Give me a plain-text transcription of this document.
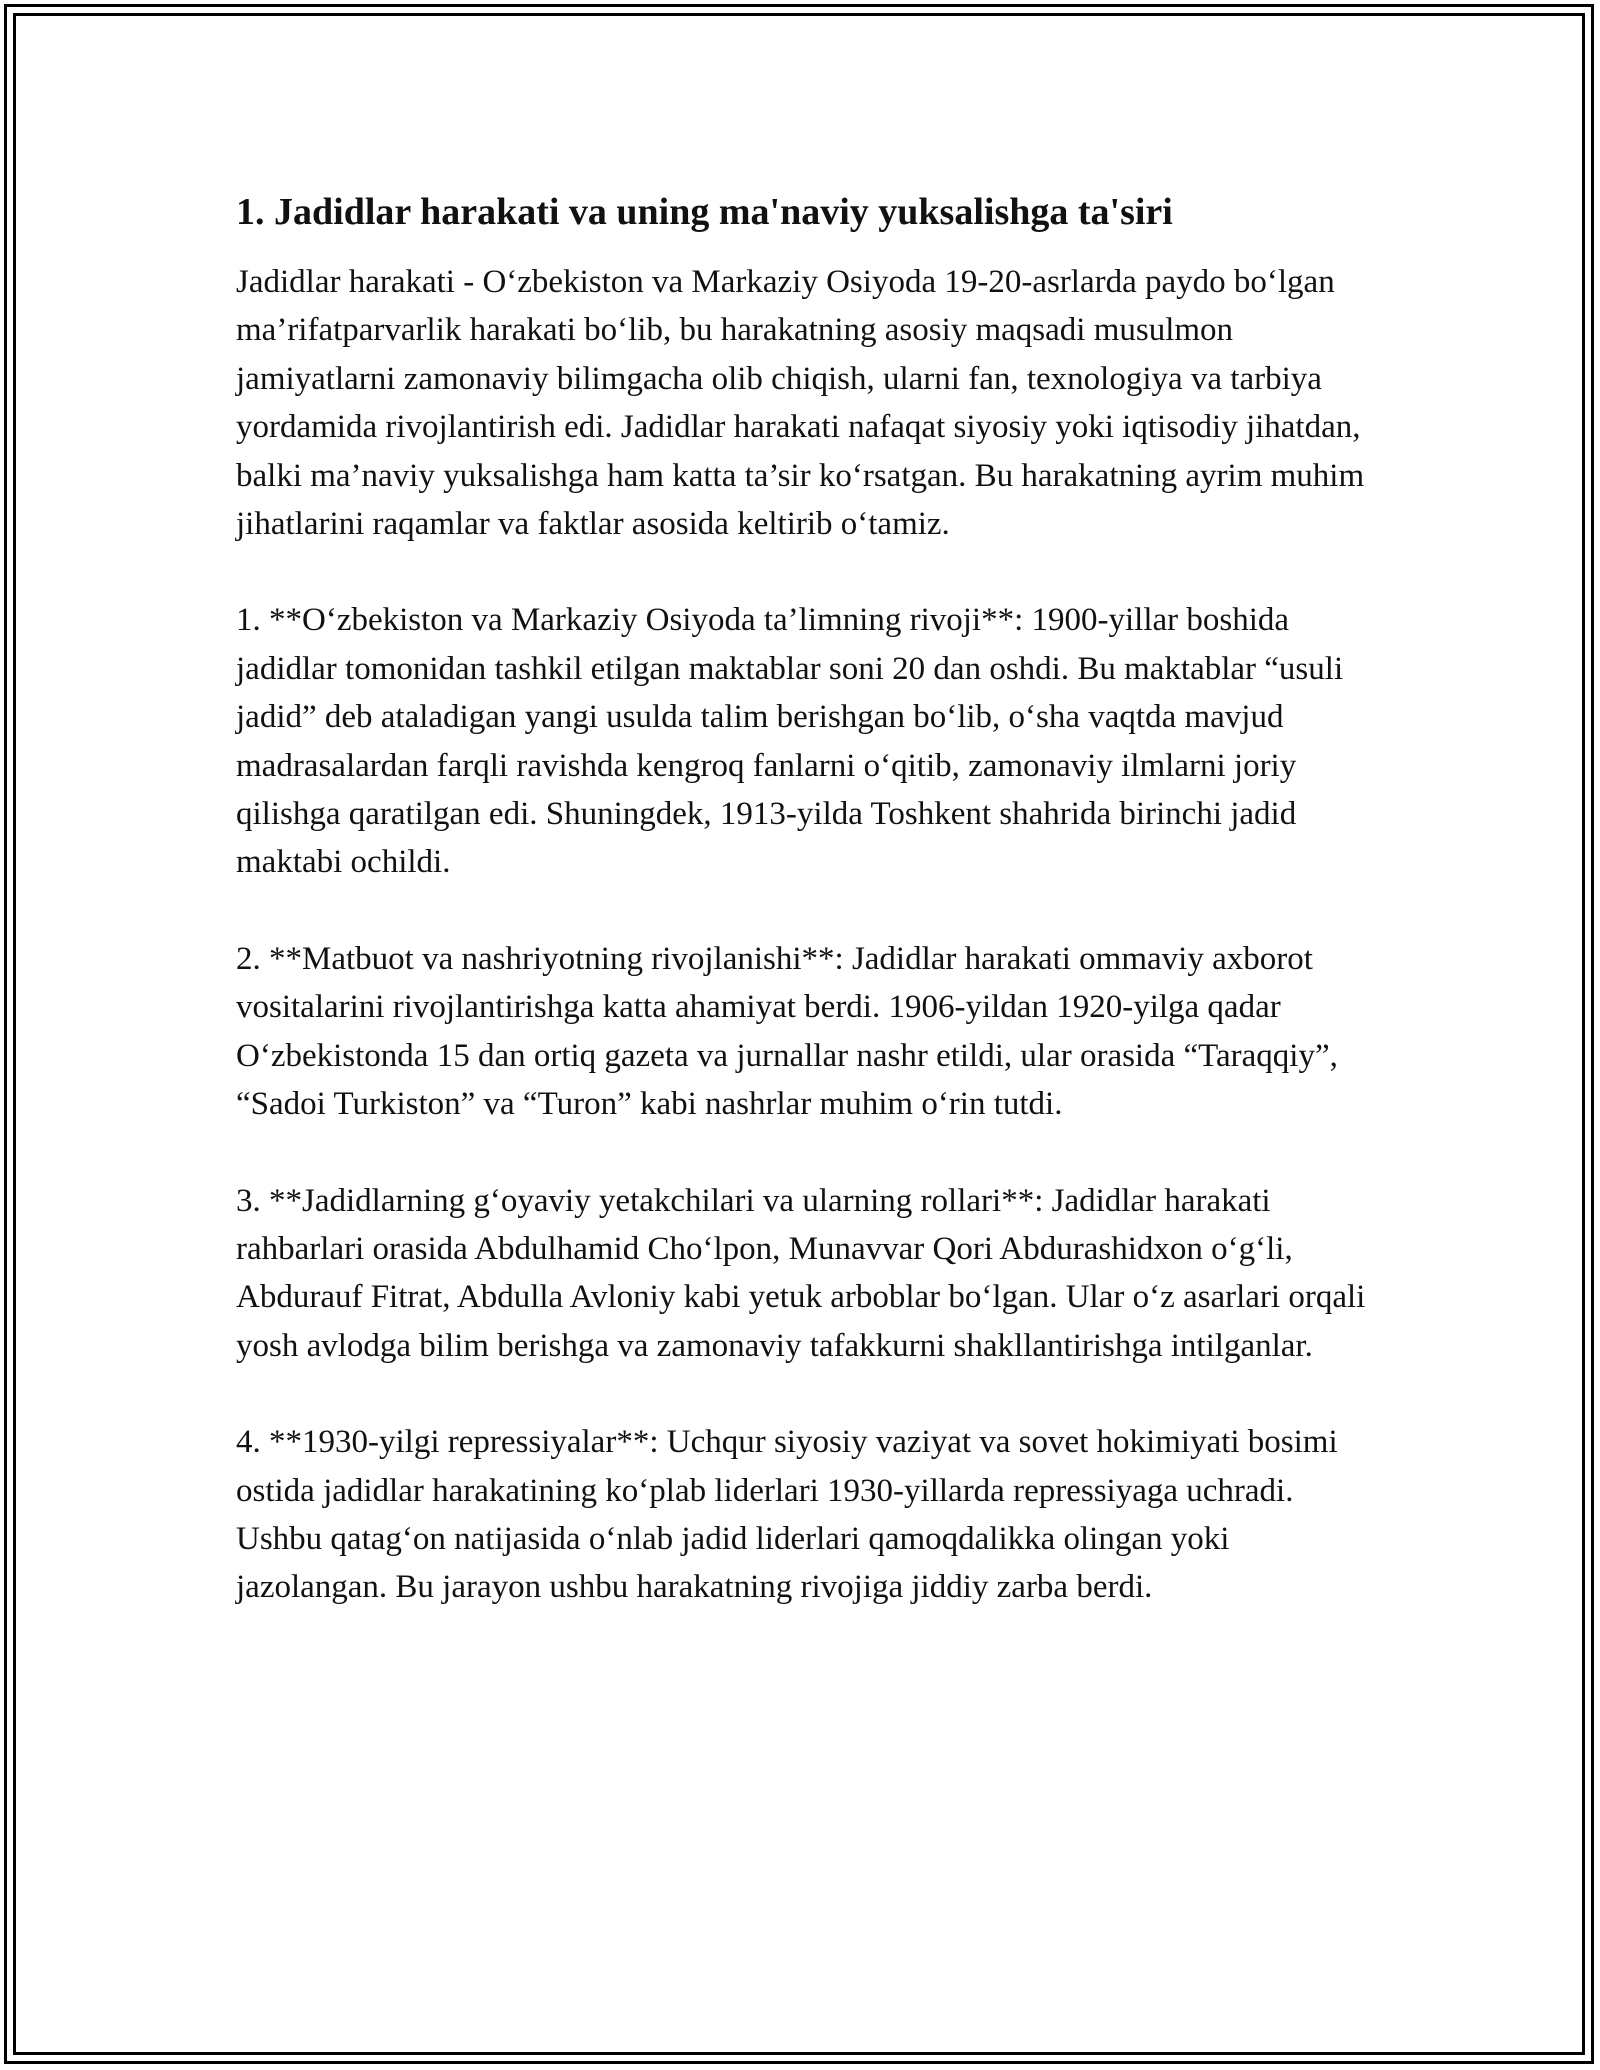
1. Jadidlar harakati va uning ma'naviy yuksalishga ta'siri

Jadidlar harakati - O‘zbekiston va Markaziy Osiyoda 19-20-asrlarda paydo bo‘lgan ma’rifatparvarlik harakati bo‘lib, bu harakatning asosiy maqsadi musulmon jamiyatlarni zamonaviy bilimgacha olib chiqish, ularni fan, texnologiya va tarbiya yordamida rivojlantirish edi. Jadidlar harakati nafaqat siyosiy yoki iqtisodiy jihatdan, balki ma’naviy yuksalishga ham katta ta’sir ko‘rsatgan. Bu harakatning ayrim muhim jihatlarini raqamlar va faktlar asosida keltirib o‘tamiz.

1. **O‘zbekiston va Markaziy Osiyoda ta’limning rivoji**: 1900-yillar boshida jadidlar tomonidan tashkil etilgan maktablar soni 20 dan oshdi. Bu maktablar “usuli jadid” deb ataladigan yangi usulda talim berishgan bo‘lib, o‘sha vaqtda mavjud madrasalardan farqli ravishda kengroq fanlarni o‘qitib, zamonaviy ilmlarni joriy qilishga qaratilgan edi. Shuningdek, 1913-yilda Toshkent shahrida birinchi jadid maktabi ochildi.

2. **Matbuot va nashriyotning rivojlanishi**: Jadidlar harakati ommaviy axborot vositalarini rivojlantirishga katta ahamiyat berdi. 1906-yildan 1920-yilga qadar O‘zbekistonda 15 dan ortiq gazeta va jurnallar nashr etildi, ular orasida “Taraqqiy”, “Sadoi Turkiston” va “Turon” kabi nashrlar muhim o‘rin tutdi.

3. **Jadidlarning g‘oyaviy yetakchilari va ularning rollari**: Jadidlar harakati rahbarlari orasida Abdulhamid Cho‘lpon, Munavvar Qori Abdurashidxon o‘g‘li, Abdurauf Fitrat, Abdulla Avloniy kabi yetuk arboblar bo‘lgan. Ular o‘z asarlari orqali yosh avlodga bilim berishga va zamonaviy tafakkurni shakllantirishga intilganlar.

4. **1930-yilgi repressiyalar**: Uchqur siyosiy vaziyat va sovet hokimiyati bosimi ostida jadidlar harakatining ko‘plab liderlari 1930-yillarda repressiyaga uchradi. Ushbu qatag‘on natijasida o‘nlab jadid liderlari qamoqdalikka olingan yoki jazolangan. Bu jarayon ushbu harakatning rivojiga jiddiy zarba berdi.
